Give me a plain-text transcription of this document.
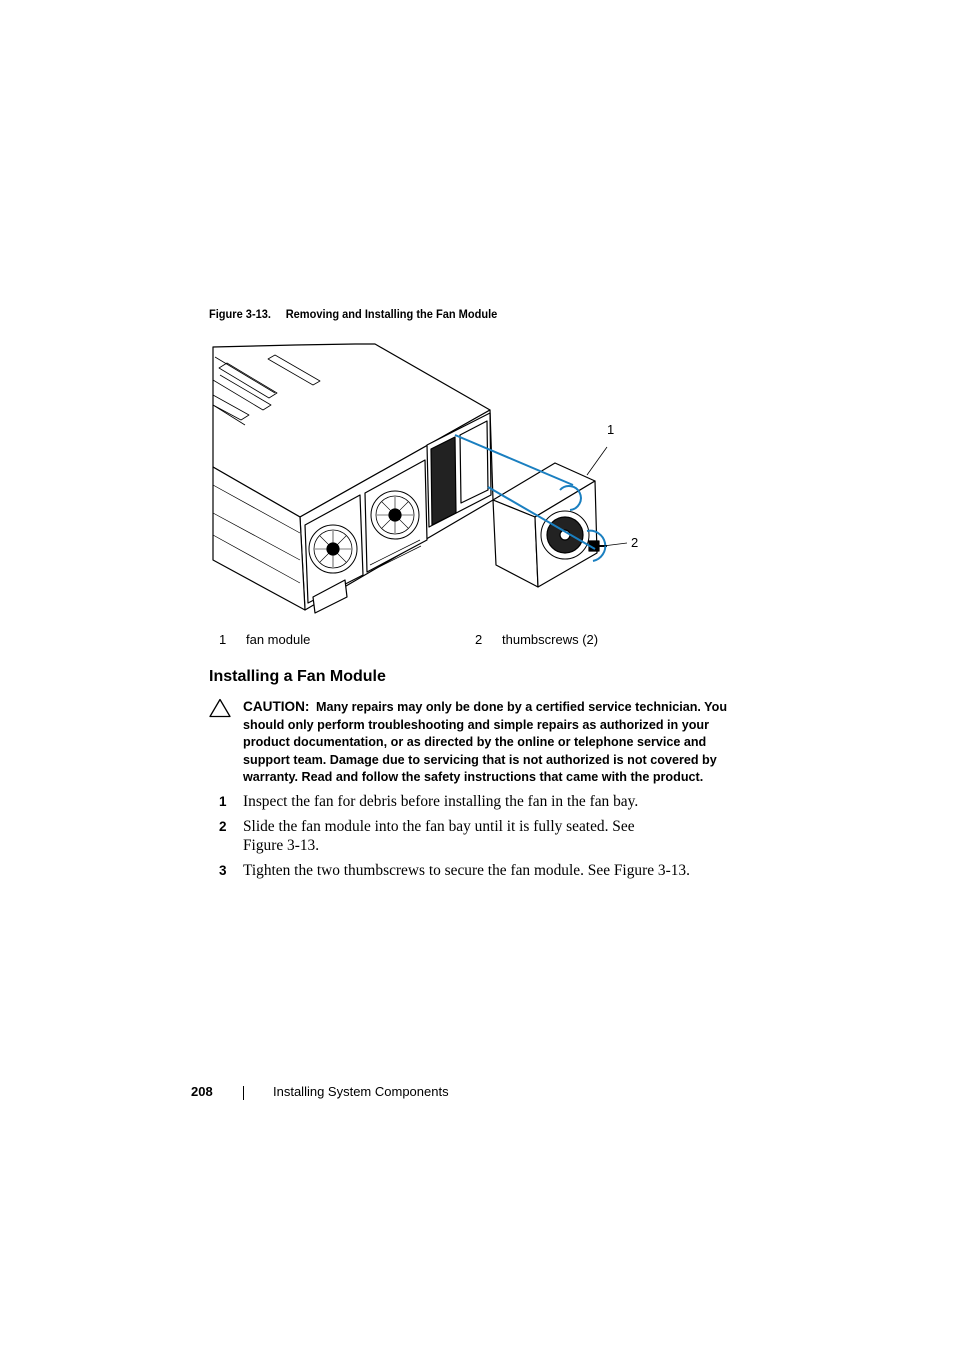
Figure 3-13. Removing and Installing the Fan Module
1
2
1 fan module	2 thumbscrews (2)
Installing a Fan Module
CAUTION: Many repairs may only be done by a certified service technician. You should only perform troubleshooting and simple repairs as authorized in your product documentation, or as directed by the online or telephone service and support team. Damage due to servicing that is not authorized is not covered by warranty. Read and follow the safety instructions that came with the product.
1 Inspect the fan for debris before installing the fan in the fan bay.
2 Slide the fan module into the fan bay until it is fully seated. See Figure 3-13.
3 Tighten the two thumbscrews to secure the fan module. See Figure 3-13.
208	Installing System Components
